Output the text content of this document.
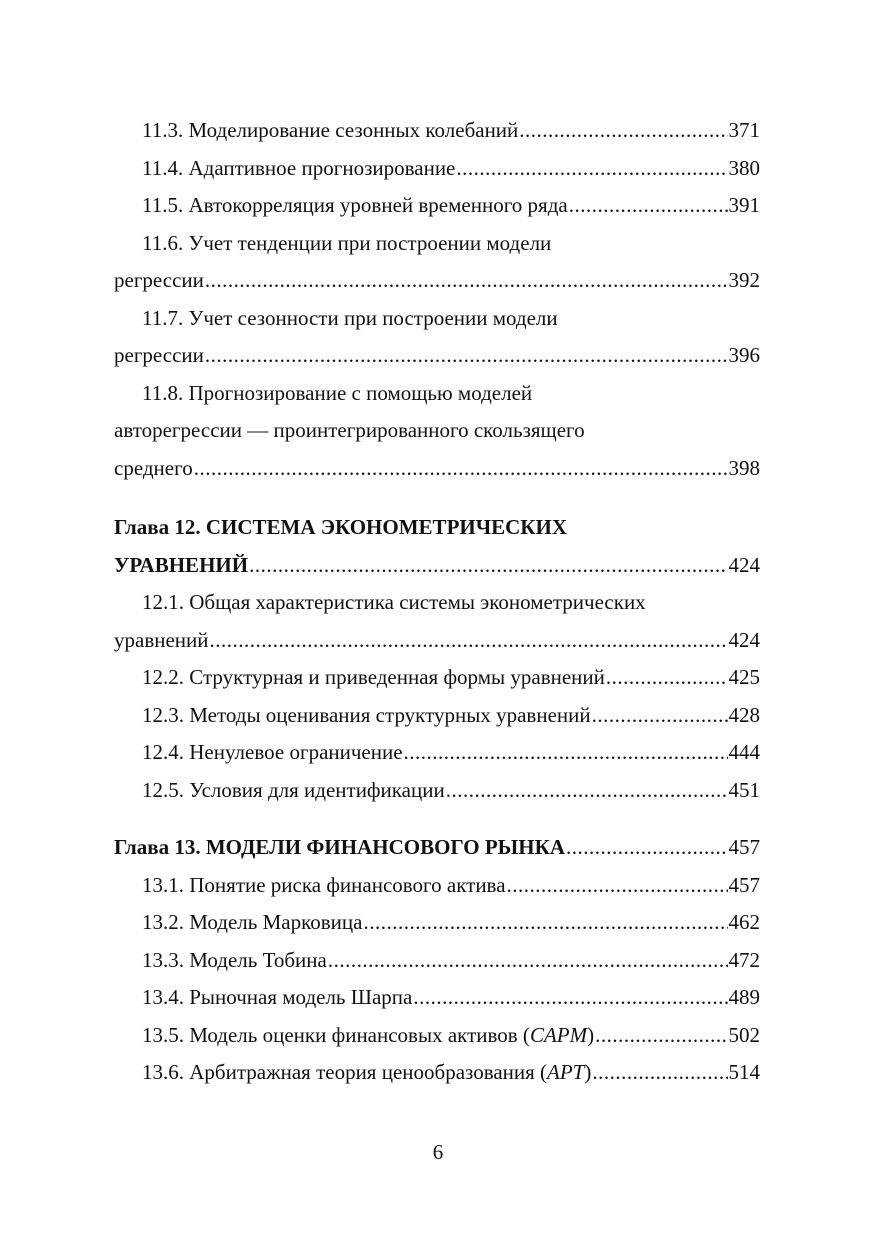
11.3. Моделирование сезонных колебаний .....	371
11.4. Адаптивное прогнозирование .....	380
11.5. Автокорреляция уровней временного ряда .....	391
11.6. Учет тенденции при построении модели
регрессии .....	392
11.7. Учет сезонности при построении модели
регрессии .....	396
11.8. Прогнозирование с помощью моделей
авторегрессии — проинтегрированного скользящего
среднего .....	398
Глава 12. СИСТЕМА ЭКОНОМЕТРИЧЕСКИХ
УРАВНЕНИЙ .....	424
12.1. Общая характеристика системы эконометрических
уравнений .....	424
12.2. Структурная и приведенная формы уравнений .....	425
12.3. Методы оценивания структурных уравнений .....	428
12.4. Ненулевое ограничение .....	444
12.5. Условия для идентификации .....	451
Глава 13. МОДЕЛИ ФИНАНСОВОГО РЫНКА .....	457
13.1. Понятие риска финансового актива .....	457
13.2. Модель Марковица .....	462
13.3. Модель Тобина .....	472
13.4. Рыночная модель Шарпа .....	489
13.5. Модель оценки финансовых активов (CAPM) .....	502
13.6. Арбитражная теория ценообразования (APT) .....	514
6
